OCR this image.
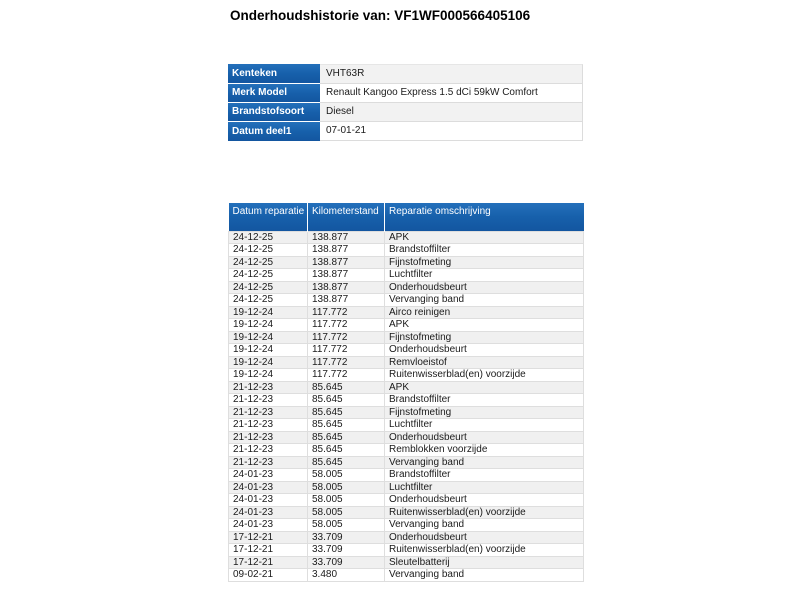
Onderhoudshistorie van: VF1WF000566405106
Kenteken	VHT63R
Merk Model	Renault Kangoo Express 1.5 dCi 59kW Comfort
Brandstofsoort	Diesel
Datum deel1	07-01-21
Datum reparatie	Kilometerstand	Reparatie omschrijving
24-12-25	138.877	APK
24-12-25	138.877	Brandstoffilter
24-12-25	138.877	Fijnstofmeting
24-12-25	138.877	Luchtfilter
24-12-25	138.877	Onderhoudsbeurt
24-12-25	138.877	Vervanging band
19-12-24	117.772	Airco reinigen
19-12-24	117.772	APK
19-12-24	117.772	Fijnstofmeting
19-12-24	117.772	Onderhoudsbeurt
19-12-24	117.772	Remvloeistof
19-12-24	117.772	Ruitenwisserblad(en) voorzijde
21-12-23	85.645	APK
21-12-23	85.645	Brandstoffilter
21-12-23	85.645	Fijnstofmeting
21-12-23	85.645	Luchtfilter
21-12-23	85.645	Onderhoudsbeurt
21-12-23	85.645	Remblokken voorzijde
21-12-23	85.645	Vervanging band
24-01-23	58.005	Brandstoffilter
24-01-23	58.005	Luchtfilter
24-01-23	58.005	Onderhoudsbeurt
24-01-23	58.005	Ruitenwisserblad(en) voorzijde
24-01-23	58.005	Vervanging band
17-12-21	33.709	Onderhoudsbeurt
17-12-21	33.709	Ruitenwisserblad(en) voorzijde
17-12-21	33.709	Sleutelbatterij
09-02-21	3.480	Vervanging band
